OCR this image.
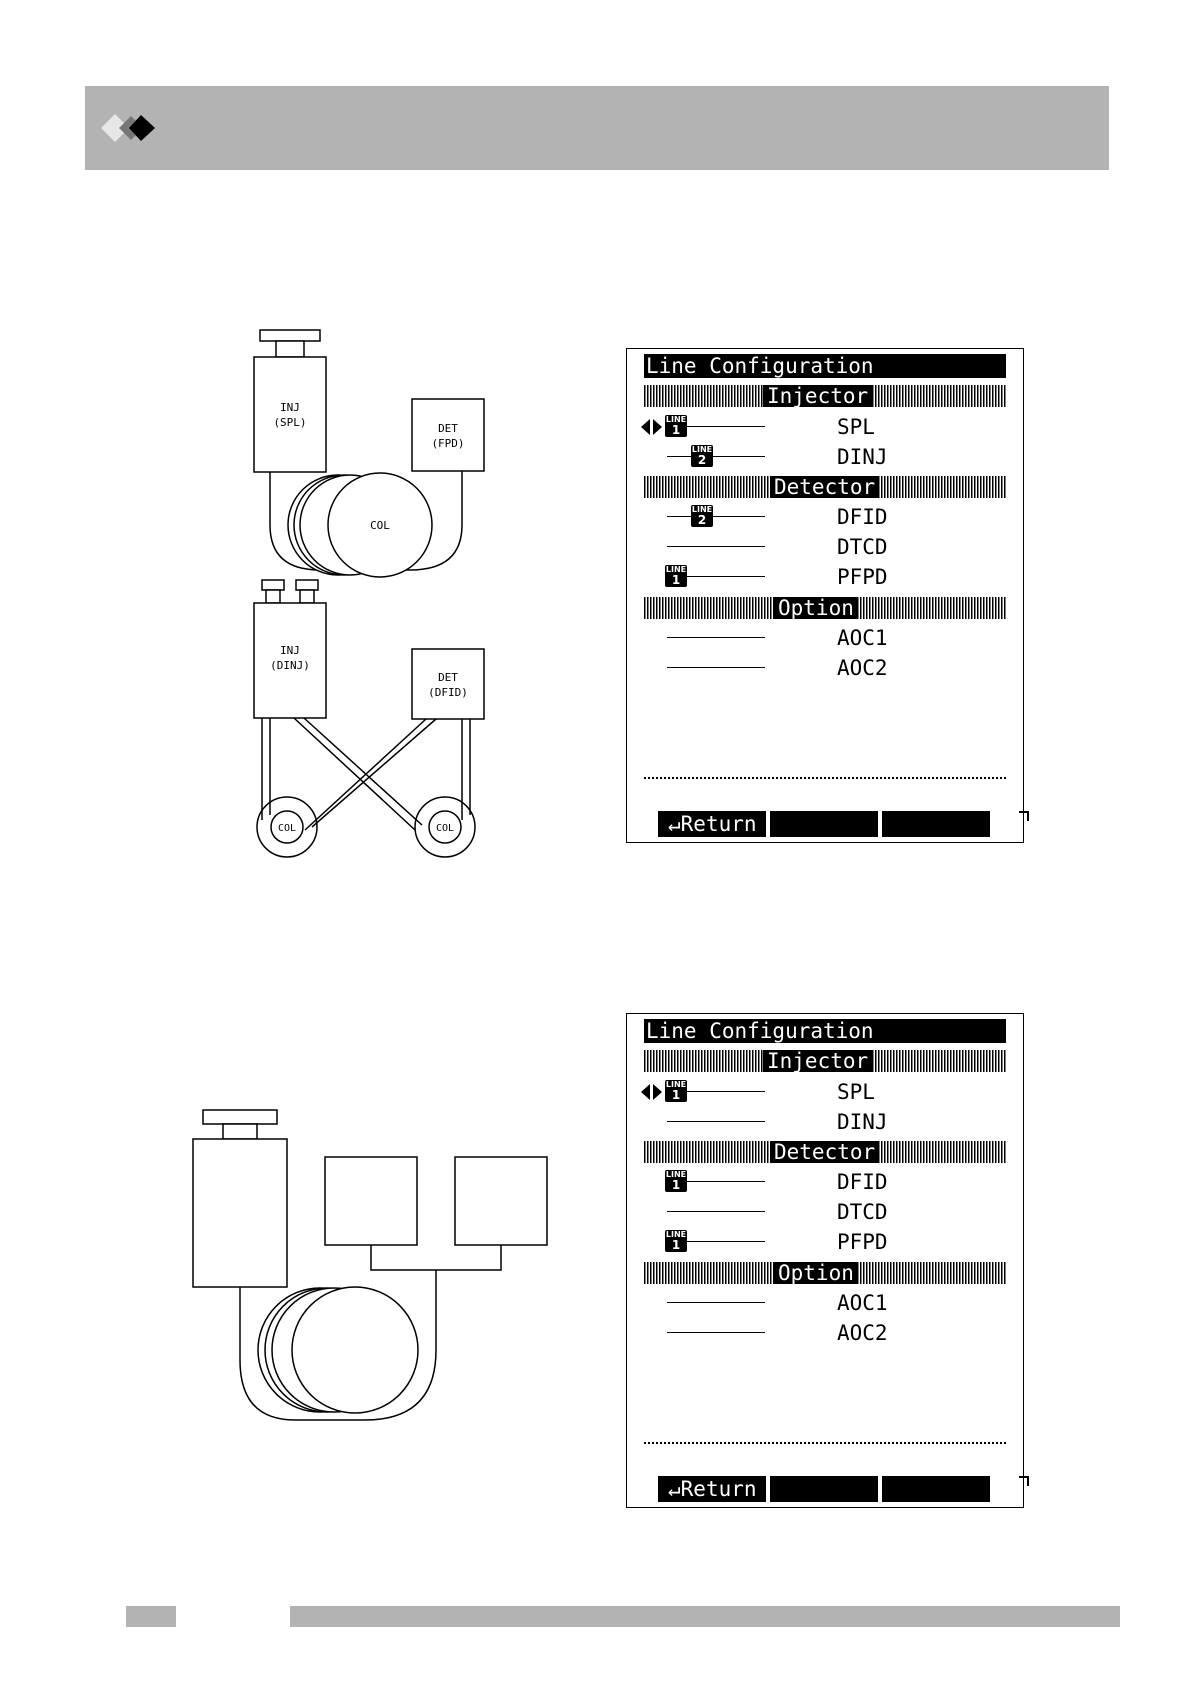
INJ
(SPL)	DET
(FPD)
COL
INJ
(DINJ)
DET
(DFID)
COL	COL
Line Configuration
Injector
LINE
1	SPL
LINE
2	DINJ
Detector
LINE
2	DFID
DTCD
LINE
1	PFPD
Option
AOC1
AOC2
↵Return
Line Configuration
Injector
LINE
1	SPL
DINJ
Detector
LINE
1	DFID
DTCD
LINE
1	PFPD
Option
AOC1
AOC2
↵Return
